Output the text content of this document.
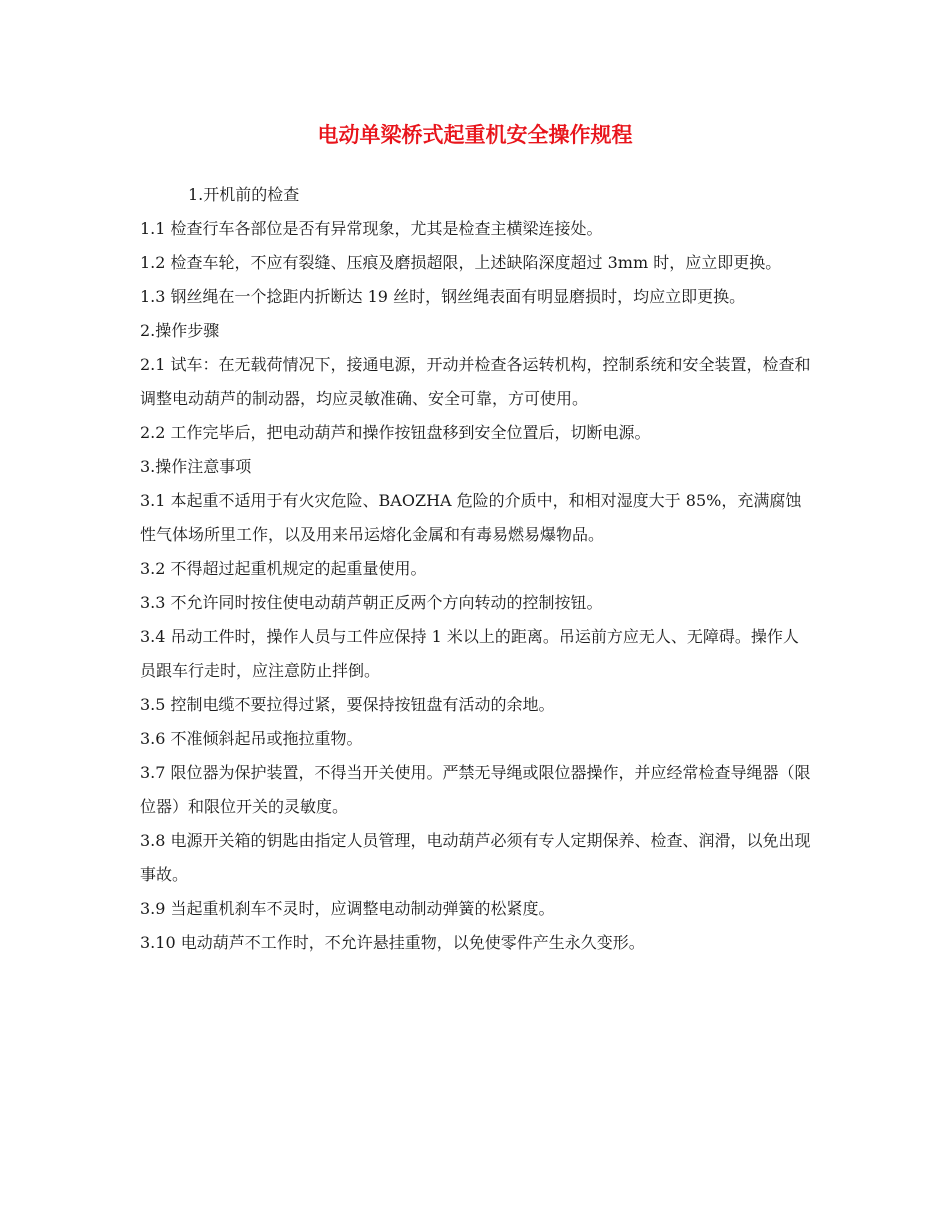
电动单梁桥式起重机安全操作规程

1.开机前的检查

1.1 检查行车各部位是否有异常现象，尤其是检查主横梁连接处。

1.2 检查车轮，不应有裂缝、压痕及磨损超限，上述缺陷深度超过 3mm 时，应立即更换。

1.3 钢丝绳在一个捻距内折断达 19 丝时，钢丝绳表面有明显磨损时，均应立即更换。

2.操作步骤

2.1 试车：在无载荷情况下，接通电源，开动并检查各运转机构，控制系统和安全装置，检查和调整电动葫芦的制动器，均应灵敏准确、安全可靠，方可使用。

2.2 工作完毕后，把电动葫芦和操作按钮盘移到安全位置后，切断电源。

3.操作注意事项

3.1 本起重不适用于有火灾危险、BAOZHA 危险的介质中，和相对湿度大于 85%，充满腐蚀性气体场所里工作，以及用来吊运熔化金属和有毒易燃易爆物品。

3.2 不得超过起重机规定的起重量使用。

3.3 不允许同时按住使电动葫芦朝正反两个方向转动的控制按钮。

3.4 吊动工件时，操作人员与工件应保持 1 米以上的距离。吊运前方应无人、无障碍。操作人员跟车行走时，应注意防止拌倒。

3.5 控制电缆不要拉得过紧，要保持按钮盘有活动的余地。

3.6 不准倾斜起吊或拖拉重物。

3.7 限位器为保护装置，不得当开关使用。严禁无导绳或限位器操作，并应经常检查导绳器（限位器）和限位开关的灵敏度。

3.8 电源开关箱的钥匙由指定人员管理，电动葫芦必须有专人定期保养、检查、润滑，以免出现事故。

3.9 当起重机刹车不灵时，应调整电动制动弹簧的松紧度。

3.10 电动葫芦不工作时，不允许悬挂重物，以免使零件产生永久变形。
